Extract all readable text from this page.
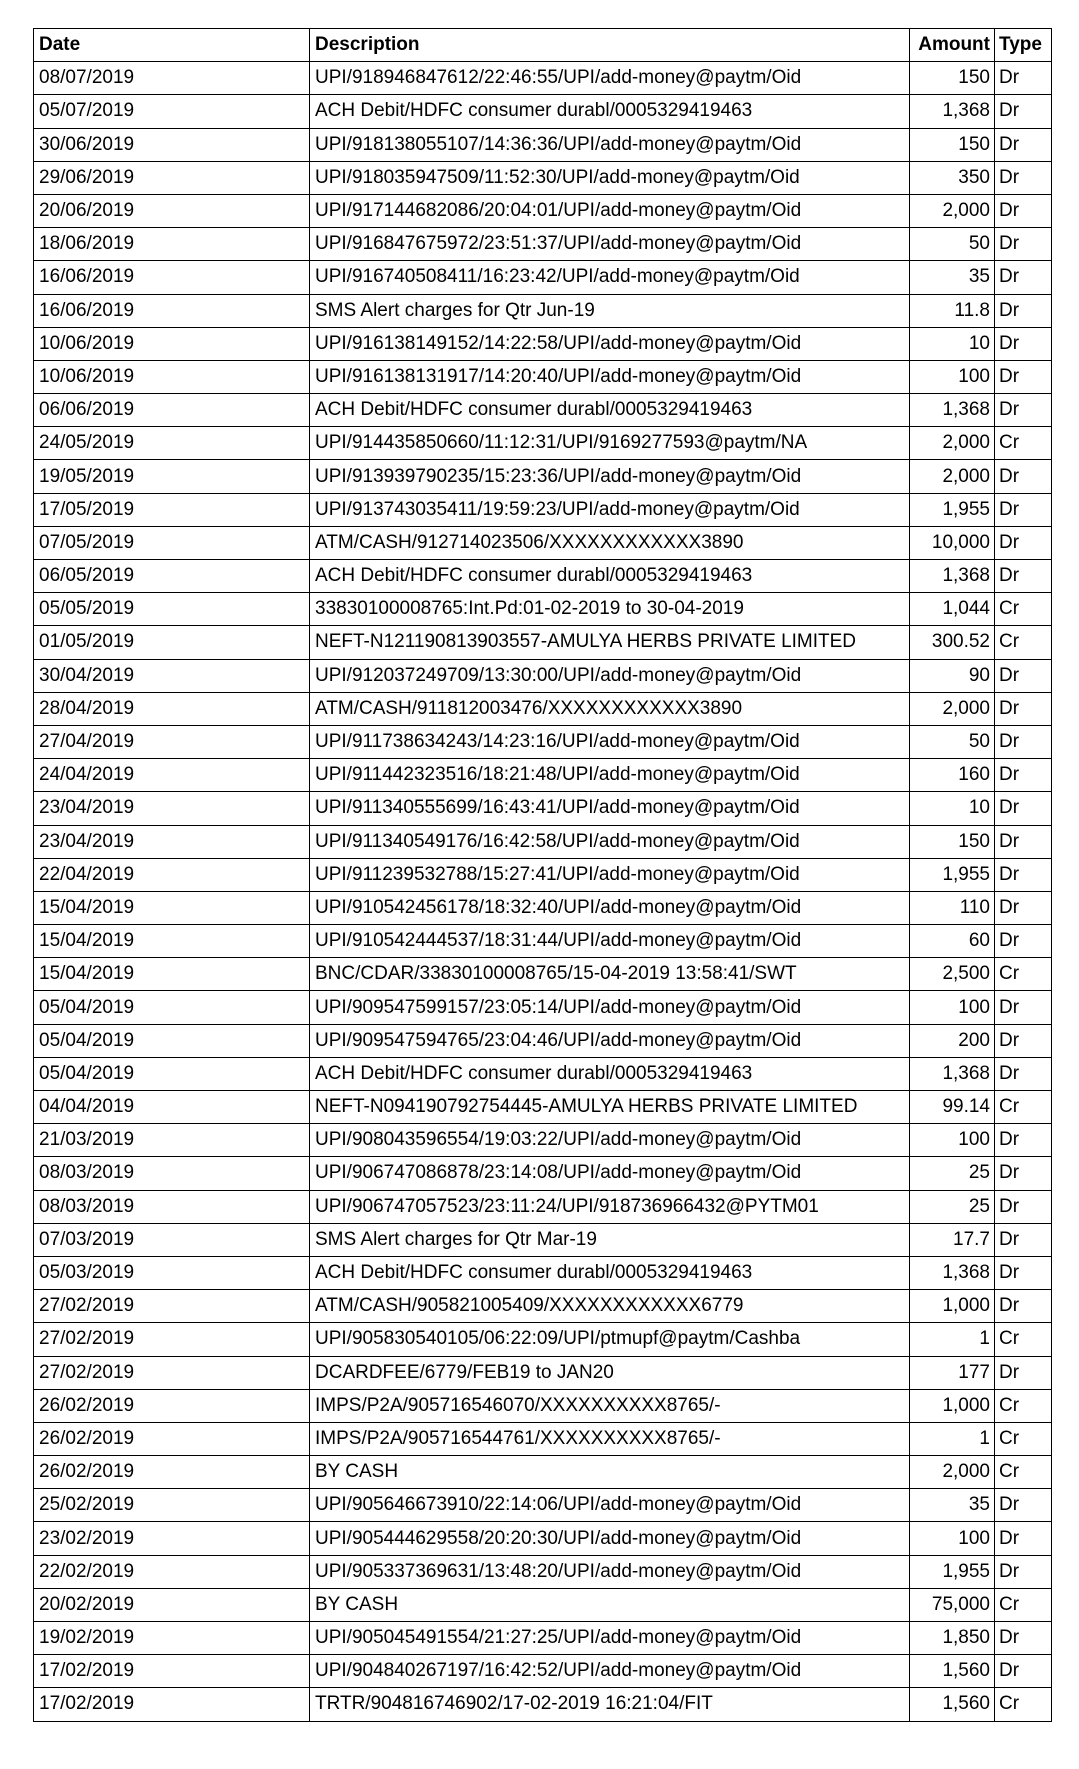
Date	Description	Amount	Type
08/07/2019	UPI/918946847612/22:46:55/UPI/add-money@paytm/Oid	150	Dr
05/07/2019	ACH Debit/HDFC consumer durabl/0005329419463	1,368	Dr
30/06/2019	UPI/918138055107/14:36:36/UPI/add-money@paytm/Oid	150	Dr
29/06/2019	UPI/918035947509/11:52:30/UPI/add-money@paytm/Oid	350	Dr
20/06/2019	UPI/917144682086/20:04:01/UPI/add-money@paytm/Oid	2,000	Dr
18/06/2019	UPI/916847675972/23:51:37/UPI/add-money@paytm/Oid	50	Dr
16/06/2019	UPI/916740508411/16:23:42/UPI/add-money@paytm/Oid	35	Dr
16/06/2019	SMS Alert charges for Qtr Jun-19	11.8	Dr
10/06/2019	UPI/916138149152/14:22:58/UPI/add-money@paytm/Oid	10	Dr
10/06/2019	UPI/916138131917/14:20:40/UPI/add-money@paytm/Oid	100	Dr
06/06/2019	ACH Debit/HDFC consumer durabl/0005329419463	1,368	Dr
24/05/2019	UPI/914435850660/11:12:31/UPI/9169277593@paytm/NA	2,000	Cr
19/05/2019	UPI/913939790235/15:23:36/UPI/add-money@paytm/Oid	2,000	Dr
17/05/2019	UPI/913743035411/19:59:23/UPI/add-money@paytm/Oid	1,955	Dr
07/05/2019	ATM/CASH/912714023506/XXXXXXXXXXXX3890	10,000	Dr
06/05/2019	ACH Debit/HDFC consumer durabl/0005329419463	1,368	Dr
05/05/2019	33830100008765:Int.Pd:01-02-2019 to 30-04-2019	1,044	Cr
01/05/2019	NEFT-N121190813903557-AMULYA HERBS PRIVATE LIMITED	300.52	Cr
30/04/2019	UPI/912037249709/13:30:00/UPI/add-money@paytm/Oid	90	Dr
28/04/2019	ATM/CASH/911812003476/XXXXXXXXXXXX3890	2,000	Dr
27/04/2019	UPI/911738634243/14:23:16/UPI/add-money@paytm/Oid	50	Dr
24/04/2019	UPI/911442323516/18:21:48/UPI/add-money@paytm/Oid	160	Dr
23/04/2019	UPI/911340555699/16:43:41/UPI/add-money@paytm/Oid	10	Dr
23/04/2019	UPI/911340549176/16:42:58/UPI/add-money@paytm/Oid	150	Dr
22/04/2019	UPI/911239532788/15:27:41/UPI/add-money@paytm/Oid	1,955	Dr
15/04/2019	UPI/910542456178/18:32:40/UPI/add-money@paytm/Oid	110	Dr
15/04/2019	UPI/910542444537/18:31:44/UPI/add-money@paytm/Oid	60	Dr
15/04/2019	BNC/CDAR/33830100008765/15-04-2019 13:58:41/SWT	2,500	Cr
05/04/2019	UPI/909547599157/23:05:14/UPI/add-money@paytm/Oid	100	Dr
05/04/2019	UPI/909547594765/23:04:46/UPI/add-money@paytm/Oid	200	Dr
05/04/2019	ACH Debit/HDFC consumer durabl/0005329419463	1,368	Dr
04/04/2019	NEFT-N094190792754445-AMULYA HERBS PRIVATE LIMITED	99.14	Cr
21/03/2019	UPI/908043596554/19:03:22/UPI/add-money@paytm/Oid	100	Dr
08/03/2019	UPI/906747086878/23:14:08/UPI/add-money@paytm/Oid	25	Dr
08/03/2019	UPI/906747057523/23:11:24/UPI/918736966432@PYTM01	25	Dr
07/03/2019	SMS Alert charges for Qtr Mar-19	17.7	Dr
05/03/2019	ACH Debit/HDFC consumer durabl/0005329419463	1,368	Dr
27/02/2019	ATM/CASH/905821005409/XXXXXXXXXXXX6779	1,000	Dr
27/02/2019	UPI/905830540105/06:22:09/UPI/ptmupf@paytm/Cashba	1	Cr
27/02/2019	DCARDFEE/6779/FEB19 to JAN20	177	Dr
26/02/2019	IMPS/P2A/905716546070/XXXXXXXXXX8765/-	1,000	Cr
26/02/2019	IMPS/P2A/905716544761/XXXXXXXXXX8765/-	1	Cr
26/02/2019	BY CASH	2,000	Cr
25/02/2019	UPI/905646673910/22:14:06/UPI/add-money@paytm/Oid	35	Dr
23/02/2019	UPI/905444629558/20:20:30/UPI/add-money@paytm/Oid	100	Dr
22/02/2019	UPI/905337369631/13:48:20/UPI/add-money@paytm/Oid	1,955	Dr
20/02/2019	BY CASH	75,000	Cr
19/02/2019	UPI/905045491554/21:27:25/UPI/add-money@paytm/Oid	1,850	Dr
17/02/2019	UPI/904840267197/16:42:52/UPI/add-money@paytm/Oid	1,560	Dr
17/02/2019	TRTR/904816746902/17-02-2019 16:21:04/FIT	1,560	Cr
